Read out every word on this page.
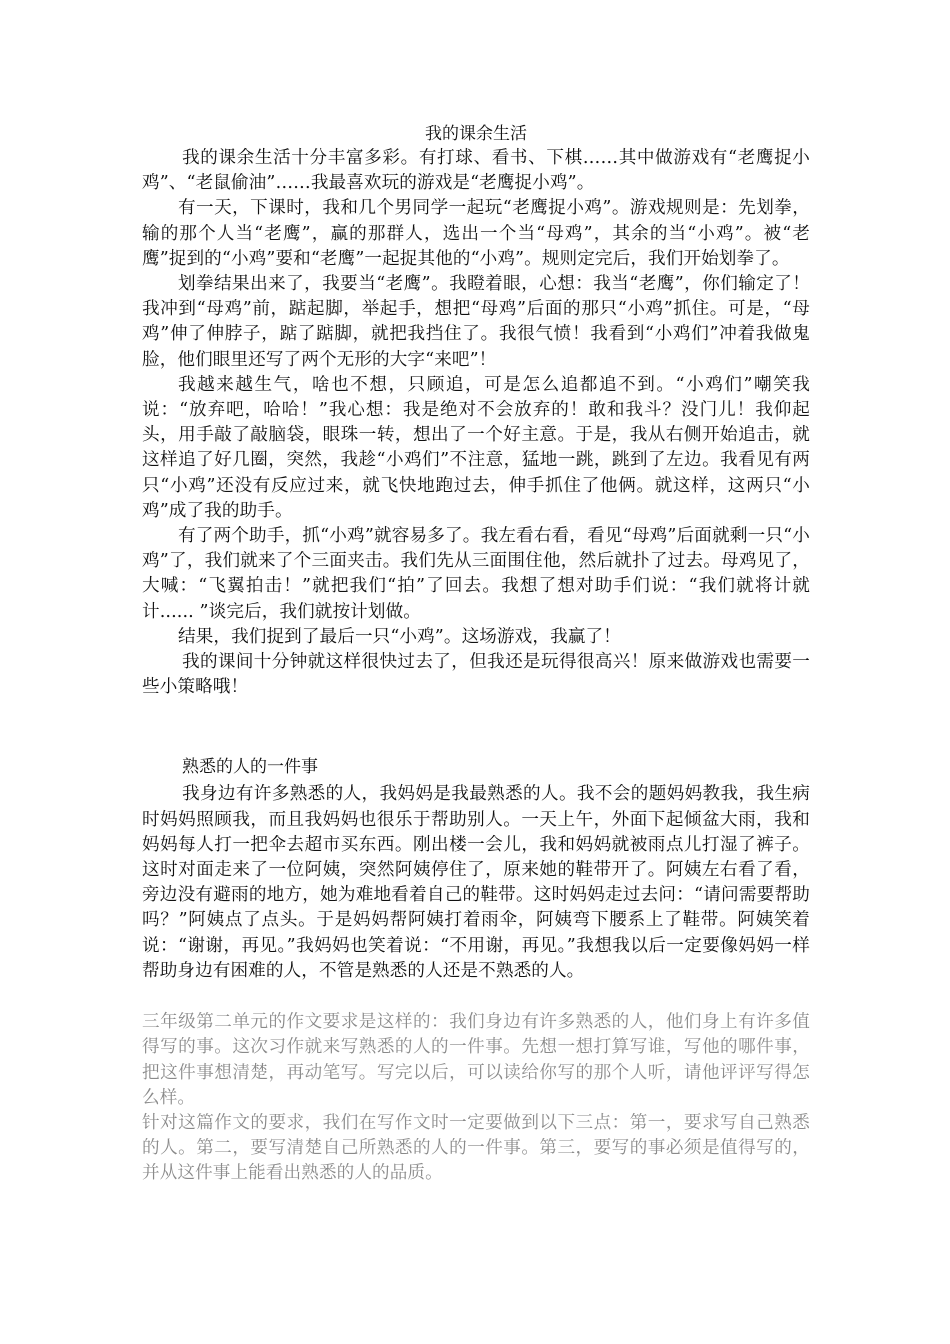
我的课余生活

我的课余生活十分丰富多彩。有打球、看书、下棋……其中做游戏有“老鹰捉小鸡”、“老鼠偷油”……我最喜欢玩的游戏是“老鹰捉小鸡”。

有一天，下课时，我和几个男同学一起玩“老鹰捉小鸡”。游戏规则是：先划拳，输的那个人当“老鹰”，赢的那群人，选出一个当“母鸡”，其余的当“小鸡”。被“老鹰”捉到的“小鸡”要和“老鹰”一起捉其他的“小鸡”。规则定完后，我们开始划拳了。

划拳结果出来了，我要当“老鹰”。我瞪着眼，心想：我当“老鹰”，你们输定了！我冲到“母鸡”前，踮起脚，举起手，想把“母鸡”后面的那只“小鸡”抓住。可是，“母鸡”伸了伸脖子，踮了踮脚，就把我挡住了。我很气愤！我看到“小鸡们”冲着我做鬼脸，他们眼里还写了两个无形的大字“来吧”！

我越来越生气，啥也不想，只顾追，可是怎么追都追不到。“小鸡们”嘲笑我说：“放弃吧，哈哈！”我心想：我是绝对不会放弃的！敢和我斗？没门儿！我仰起头，用手敲了敲脑袋，眼珠一转，想出了一个好主意。于是，我从右侧开始追击，就这样追了好几圈，突然，我趁“小鸡们”不注意，猛地一跳，跳到了左边。我看见有两只“小鸡”还没有反应过来，就飞快地跑过去，伸手抓住了他俩。就这样，这两只“小鸡”成了我的助手。

有了两个助手，抓“小鸡”就容易多了。我左看右看，看见“母鸡”后面就剩一只“小鸡”了，我们就来了个三面夹击。我们先从三面围住他，然后就扑了过去。母鸡见了，大喊：“飞翼拍击！”就把我们“拍”了回去。我想了想对助手们说：“我们就将计就计...... ”谈完后，我们就按计划做。

结果，我们捉到了最后一只“小鸡”。这场游戏，我赢了！

我的课间十分钟就这样很快过去了，但我还是玩得很高兴！原来做游戏也需要一些小策略哦！

熟悉的人的一件事

我身边有许多熟悉的人，我妈妈是我最熟悉的人。我不会的题妈妈教我，我生病时妈妈照顾我，而且我妈妈也很乐于帮助别人。一天上午，外面下起倾盆大雨，我和妈妈每人打一把伞去超市买东西。刚出楼一会儿，我和妈妈就被雨点儿打湿了裤子。这时对面走来了一位阿姨，突然阿姨停住了，原来她的鞋带开了。阿姨左右看了看，旁边没有避雨的地方，她为难地看着自己的鞋带。这时妈妈走过去问：“请问需要帮助吗？”阿姨点了点头。于是妈妈帮阿姨打着雨伞，阿姨弯下腰系上了鞋带。阿姨笑着说：“谢谢，再见。”我妈妈也笑着说：“不用谢，再见。”我想我以后一定要像妈妈一样帮助身边有困难的人，不管是熟悉的人还是不熟悉的人。

三年级第二单元的作文要求是这样的：我们身边有许多熟悉的人，他们身上有许多值得写的事。这次习作就来写熟悉的人的一件事。先想一想打算写谁，写他的哪件事，把这件事想清楚，再动笔写。写完以后，可以读给你写的那个人听，请他评评写得怎么样。

针对这篇作文的要求，我们在写作文时一定要做到以下三点：第一，要求写自己熟悉的人。第二，要写清楚自己所熟悉的人的一件事。第三，要写的事必须是值得写的，并从这件事上能看出熟悉的人的品质。
